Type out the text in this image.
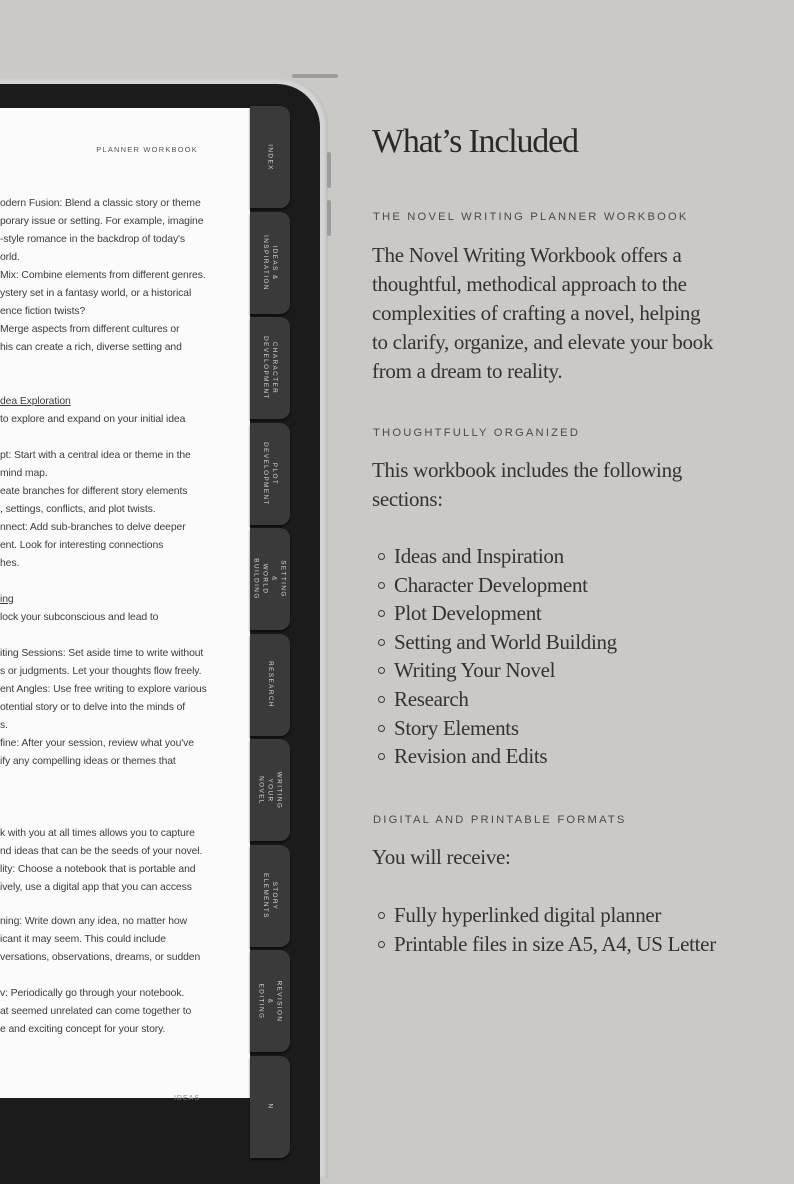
PLANNER WORKBOOK
odern Fusion: Blend a classic story or theme
porary issue or setting. For example, imagine
-style romance in the backdrop of today's
orld.
Mix: Combine elements from different genres.
ystery set in a fantasy world, or a historical
ence fiction twists?
Merge aspects from different cultures or
his can create a rich, diverse setting and
dea Exploration
to explore and expand on your initial idea
pt: Start with a central idea or theme in the
mind map.
eate branches for different story elements
, settings, conflicts, and plot twists.
nnect: Add sub-branches to delve deeper
ent. Look for interesting connections
hes.
ing
lock your subconscious and lead to
iting Sessions: Set aside time to write without
s or judgments. Let your thoughts flow freely.
ent Angles: Use free writing to explore various
otential story or to delve into the minds of
s.
fine: After your session, review what you've
ify any compelling ideas or themes that
k with you at all times allows you to capture
nd ideas that can be the seeds of your novel.
lity: Choose a notebook that is portable and
ively, use a digital app that you can access
ning: Write down any idea, no matter how
icant it may seem. This could include
versations, observations, dreams, or sudden
v: Periodically go through your notebook.
at seemed unrelated can come together to
e and exciting concept for your story.
IDEAS
INDEX
IDEAS &
INSPIRATION
CHARACTER
DEVELOPMENT
PLOT
DEVELOPMENT
SETTING &
WORLD BUILDING
RESEARCH
WRITING
YOUR NOVEL
STORY
ELEMENTS
REVISION &
EDITING
N
What’s Included

THE NOVEL WRITING PLANNER WORKBOOK

The Novel Writing Workbook offers a thoughtful, methodical approach to the complexities of crafting a novel, helping to clarify, organize, and elevate your book from a dream to reality.

THOUGHTFULLY ORGANIZED

This workbook includes the following sections:

Ideas and Inspiration
Character Development
Plot Development
Setting and World Building
Writing Your Novel
Research
Story Elements
Revision and Edits

DIGITAL AND PRINTABLE FORMATS

You will receive:

Fully hyperlinked digital planner
Printable files in size A5, A4, US Letter
